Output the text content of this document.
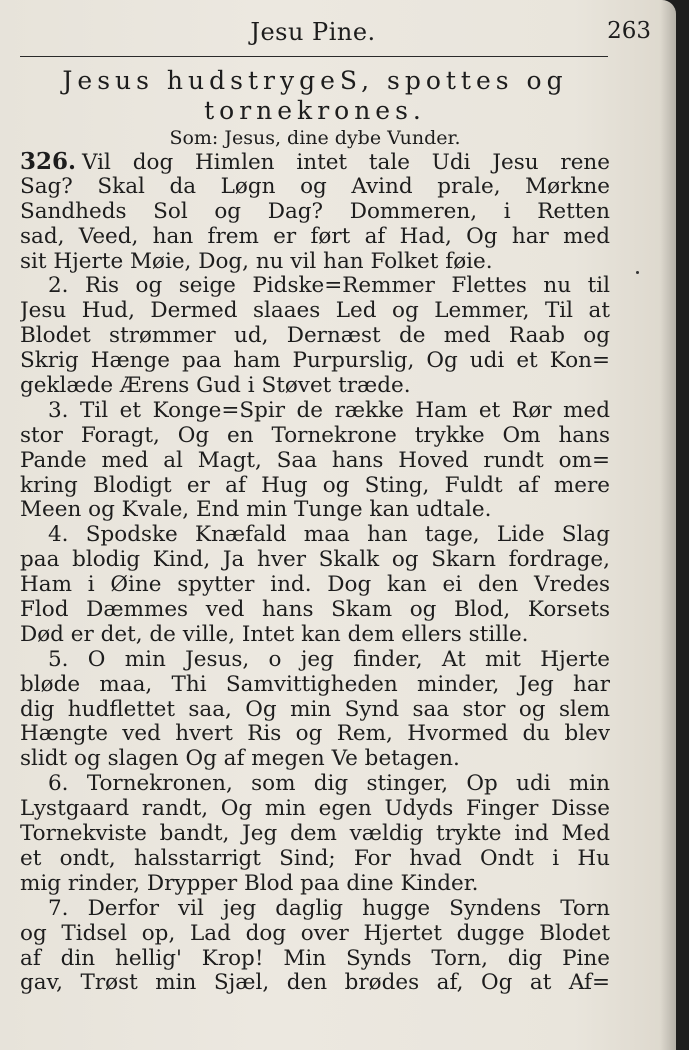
Jesu Pine.	263
Jesus hudstrygeS, spottes og
tornekrones.
Som: Jesus, dine dybe Vunder.
326. Vil dog Himlen intet tale Udi Jesu rene
Sag? Skal da Løgn og Avind prale, Mørkne
Sandheds Sol og Dag? Dommeren, i Retten
sad, Veed, han frem er ført af Had, Og har med
sit Hjerte Møie, Dog, nu vil han Folket føie.
2. Ris og seige Pidske=Remmer Flettes nu til
Jesu Hud, Dermed slaaes Led og Lemmer, Til at
Blodet strømmer ud, Dernæst de med Raab og
Skrig Hænge paa ham Purpurslig, Og udi et Kon=
geklæde Ærens Gud i Støvet træde.
3. Til et Konge=Spir de række Ham et Rør med
stor Foragt, Og en Tornekrone trykke Om hans
Pande med al Magt, Saa hans Hoved rundt om=
kring Blodigt er af Hug og Sting, Fuldt af mere
Meen og Kvale, End min Tunge kan udtale.
4. Spodske Knæfald maa han tage, Lide Slag
paa blodig Kind, Ja hver Skalk og Skarn fordrage,
Ham i Øine spytter ind. Dog kan ei den Vredes
Flod Dæmmes ved hans Skam og Blod, Korsets
Død er det, de ville, Intet kan dem ellers stille.
5. O min Jesus, o jeg finder, At mit Hjerte
bløde maa, Thi Samvittigheden minder, Jeg har
dig hudflettet saa, Og min Synd saa stor og slem
Hængte ved hvert Ris og Rem, Hvormed du blev
slidt og slagen Og af megen Ve betagen.
6. Tornekronen, som dig stinger, Op udi min
Lystgaard randt, Og min egen Udyds Finger Disse
Tornekviste bandt, Jeg dem vældig trykte ind Med
et ondt, halsstarrigt Sind; For hvad Ondt i Hu
mig rinder, Drypper Blod paa dine Kinder.
7. Derfor vil jeg daglig hugge Syndens Torn
og Tidsel op, Lad dog over Hjertet dugge Blodet
af din hellig' Krop! Min Synds Torn, dig Pine
gav, Trøst min Sjæl, den brødes af, Og at Af=
